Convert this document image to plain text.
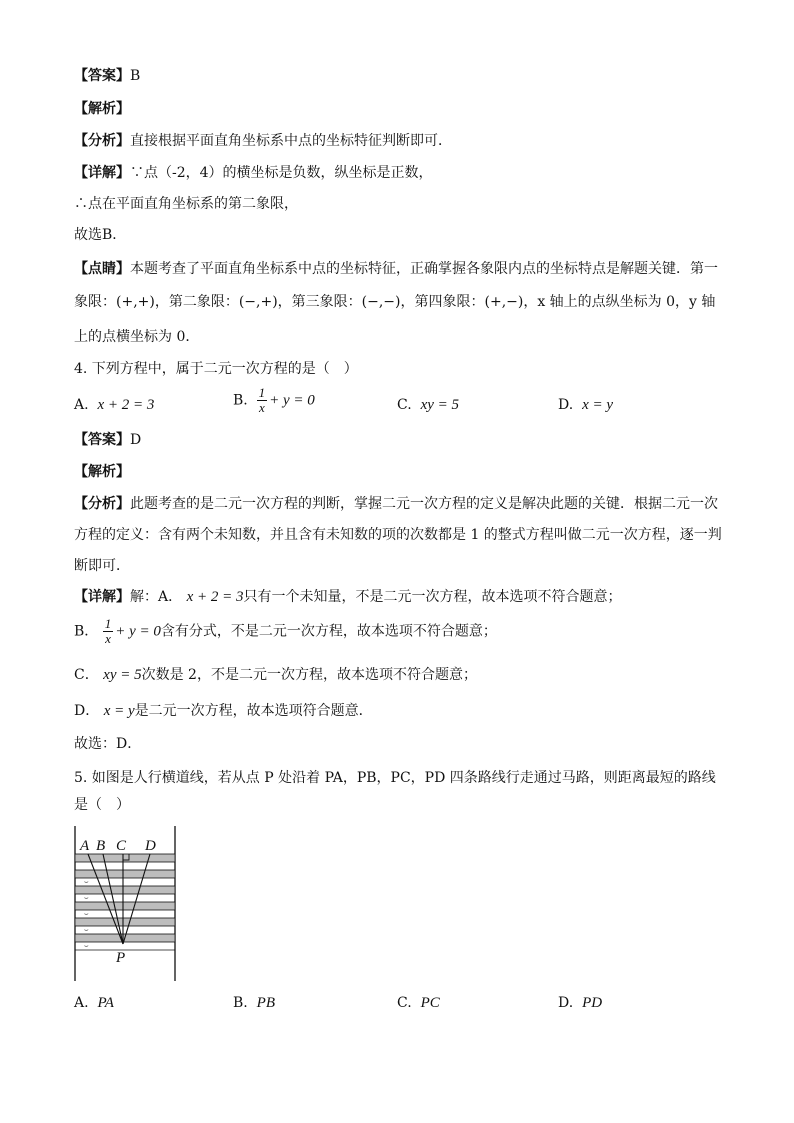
【答案】B
【解析】
【分析】直接根据平面直角坐标系中点的坐标特征判断即可．
【详解】∵点（-2，4）的横坐标是负数，纵坐标是正数，
∴点在平面直角坐标系的第二象限，
故选B．
【点睛】本题考查了平面直角坐标系中点的坐标特征，正确掌握各象限内点的坐标特点是解题关键．第一
象限：(+,+)，第二象限：(−,+)，第三象限：(−,−)，第四象限：(+,−)，x 轴上的点纵坐标为 0，y 轴
上的点横坐标为 0．
4. 下列方程中，属于二元一次方程的是（　）
A. x + 2 = 3	B. $\frac{1}{x} + y = 0$	C. xy = 5	D. x = y
【答案】D
【解析】
【分析】此题考查的是二元一次方程的判断，掌握二元一次方程的定义是解决此题的关键．根据二元一次
方程的定义：含有两个未知数，并且含有未知数的项的次数都是 1 的整式方程叫做二元一次方程，逐一判
断即可．
【详解】解：A． x + 2 = 3只有一个未知量，不是二元一次方程，故本选项不符合题意；
B． $\frac{1}{x} + y = 0$含有分式，不是二元一次方程，故本选项不符合题意；
C． xy = 5次数是 2，不是二元一次方程，故本选项不符合题意；
D． x = y是二元一次方程，故本选项符合题意．
故选：D．
5. 如图是人行横道线，若从点 P 处沿着 PA，PB，PC，PD 四条路线行走通过马路，则距离最短的路线
是（　）
⌣
⌣
⌣
⌣
⌣
A B C D
P
A. PA	B. PB	C. PC	D. PD
